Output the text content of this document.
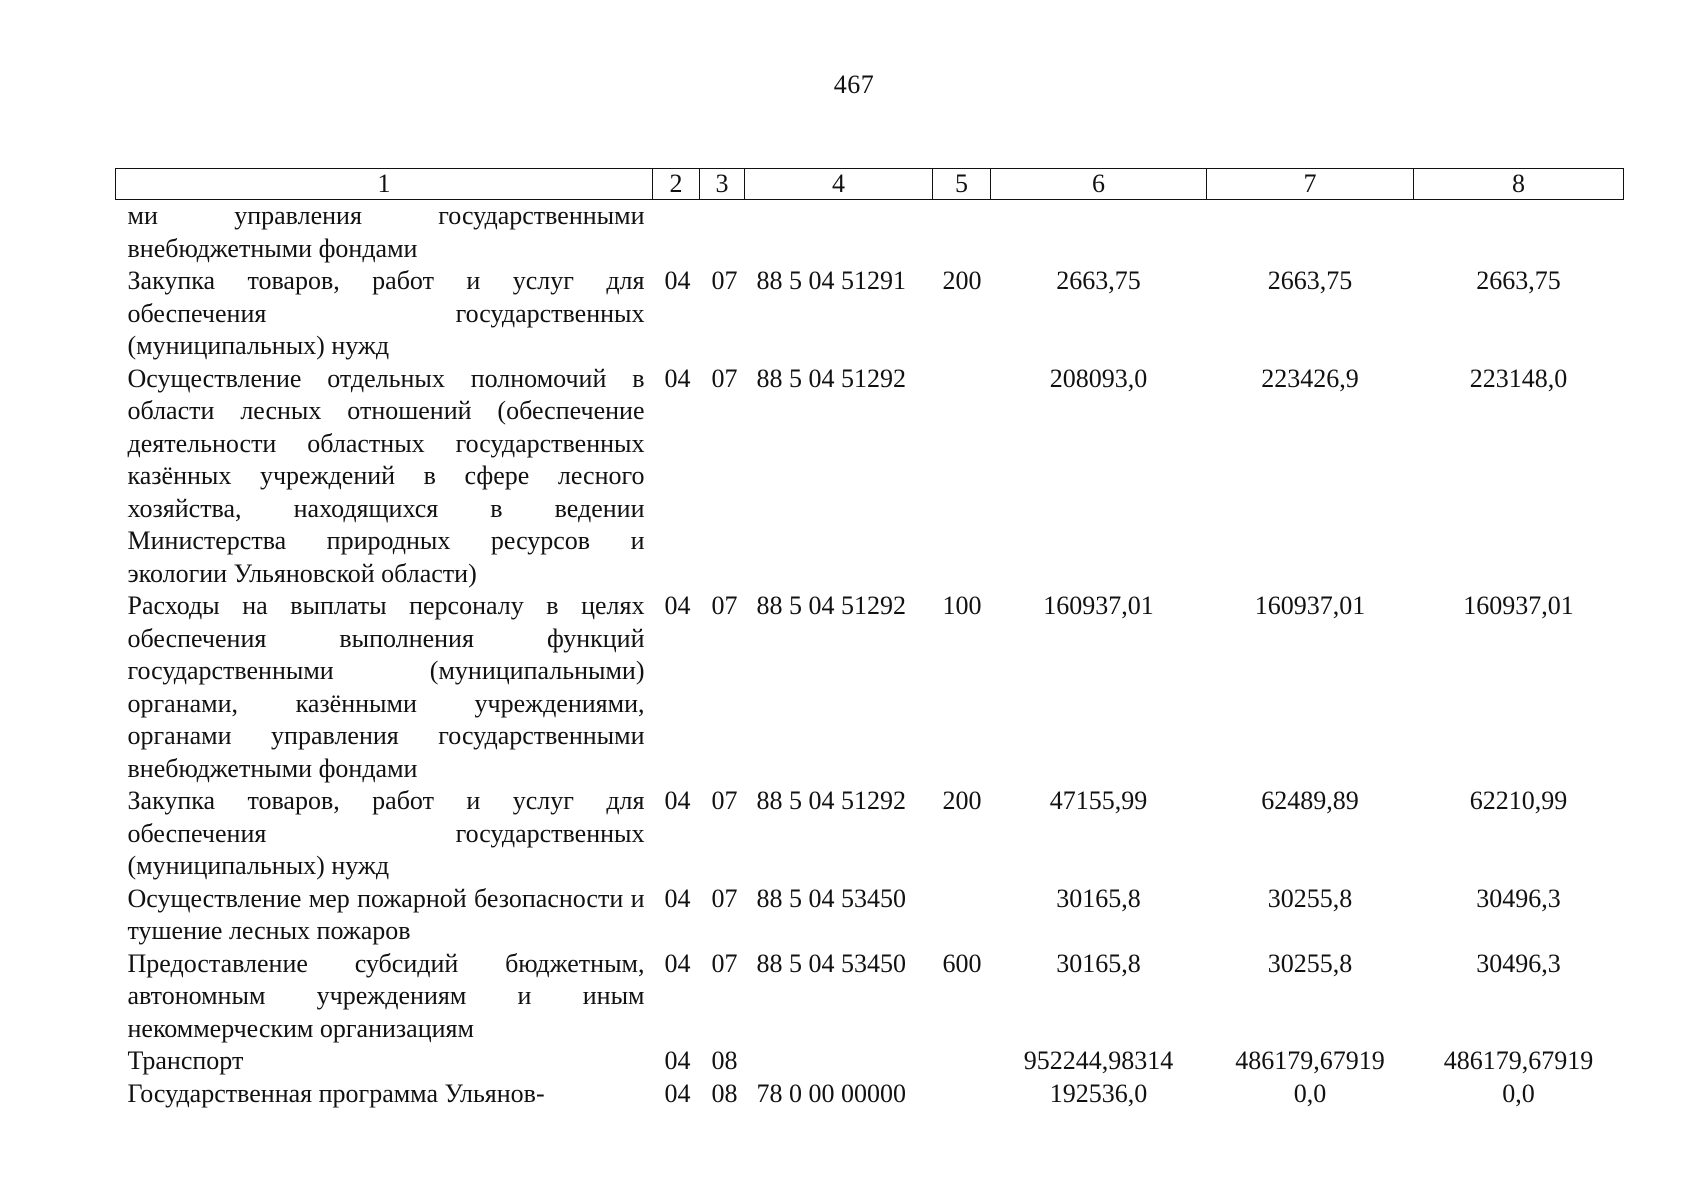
467
1	2	3	4	5	6	7	8
ми управления государственными внебюджетными фондами							
Закупка товаров, работ и услуг для обеспечения государственных (муниципальных) нужд	04	07	88 5 04 51291	200	2663,75	2663,75	2663,75
Осуществление отдельных полномочий в области лесных отношений (обеспечение деятельности областных государственных казённых учреждений в сфере лесного хозяйства, находящихся в ведении Министерства природных ресурсов и экологии Ульяновской области)	04	07	88 5 04 51292		208093,0	223426,9	223148,0
Расходы на выплаты персоналу в целях обеспечения выполнения функций государственными (муниципальными) органами, казёнными учреждениями, органами управления государственными внебюджетными фондами	04	07	88 5 04 51292	100	160937,01	160937,01	160937,01
Закупка товаров, работ и услуг для обеспечения государственных (муниципальных) нужд	04	07	88 5 04 51292	200	47155,99	62489,89	62210,99
Осуществление мер пожарной безопасности и тушение лесных пожаров	04	07	88 5 04 53450		30165,8	30255,8	30496,3
Предоставление субсидий бюджетным, автономным учреждениям и иным некоммерческим организациям	04	07	88 5 04 53450	600	30165,8	30255,8	30496,3
Транспорт	04	08			952244,98314	486179,67919	486179,67919
Государственная программа Ульянов-	04	08	78 0 00 00000		192536,0	0,0	0,0
